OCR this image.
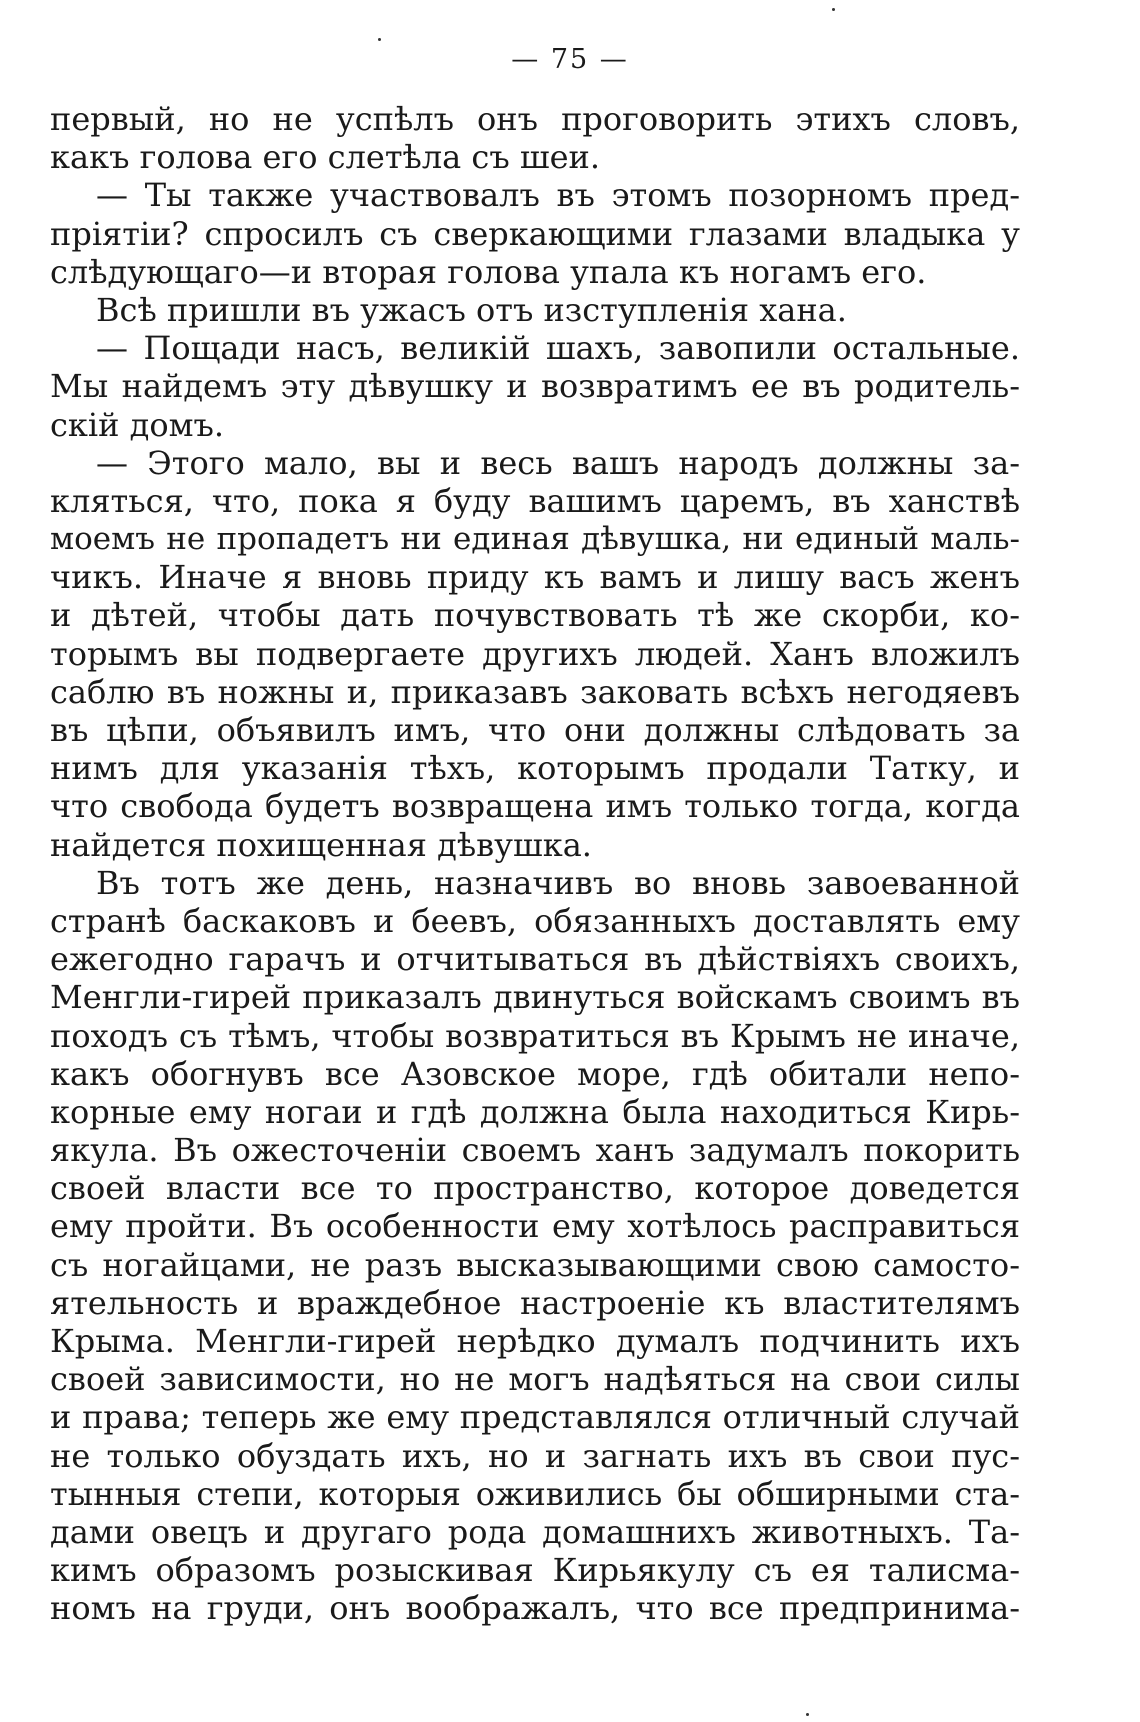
— 75 —
первый, но не успѣлъ онъ проговорить этихъ словъ,
какъ голова его слетѣла съ шеи.
— Ты также участвовалъ въ этомъ позорномъ пред-
пріятіи? спросилъ съ сверкающими глазами владыка у
слѣдующаго—и вторая голова упала къ ногамъ его.
Всѣ пришли въ ужасъ отъ изступленія хана.
— Пощади насъ, великій шахъ, завопили остальные.
Мы найдемъ эту дѣвушку и возвратимъ ее въ родитель-
скій домъ.
— Этого мало, вы и весь вашъ народъ должны за-
кляться, что, пока я буду вашимъ царемъ, въ ханствѣ
моемъ не пропадетъ ни единая дѣвушка, ни единый маль-
чикъ. Иначе я вновь приду къ вамъ и лишу васъ женъ
и дѣтей, чтобы дать почувствовать тѣ же скорби, ко-
торымъ вы подвергаете другихъ людей. Ханъ вложилъ
саблю въ ножны и, приказавъ заковать всѣхъ негодяевъ
въ цѣпи, объявилъ имъ, что они должны слѣдовать за
нимъ для указанія тѣхъ, которымъ продали Татку, и
что свобода будетъ возвращена имъ только тогда, когда
найдется похищенная дѣвушка.
Въ тотъ же день, назначивъ во вновь завоеванной
странѣ баскаковъ и беевъ, обязанныхъ доставлять ему
ежегодно гарачъ и отчитываться въ дѣйствіяхъ своихъ,
Менгли-гирей приказалъ двинуться войскамъ своимъ въ
походъ съ тѣмъ, чтобы возвратиться въ Крымъ не иначе,
какъ обогнувъ все Азовское море, гдѣ обитали непо-
корные ему ногаи и гдѣ должна была находиться Кирь-
якула. Въ ожесточеніи своемъ ханъ задумалъ покорить
своей власти все то пространство, которое доведется
ему пройти. Въ особенности ему хотѣлось расправиться
съ ногайцами, не разъ высказывающими свою самосто-
ятельность и враждебное настроеніе къ властителямъ
Крыма. Менгли-гирей нерѣдко думалъ подчинить ихъ
своей зависимости, но не могъ надѣяться на свои силы
и права; теперь же ему представлялся отличный случай
не только обуздать ихъ, но и загнать ихъ въ свои пус-
тынныя степи, которыя оживились бы обширными ста-
дами овецъ и другаго рода домашнихъ животныхъ. Та-
кимъ образомъ розыскивая Кирьякулу съ ея талисма-
номъ на груди, онъ воображалъ, что все предпринима-
